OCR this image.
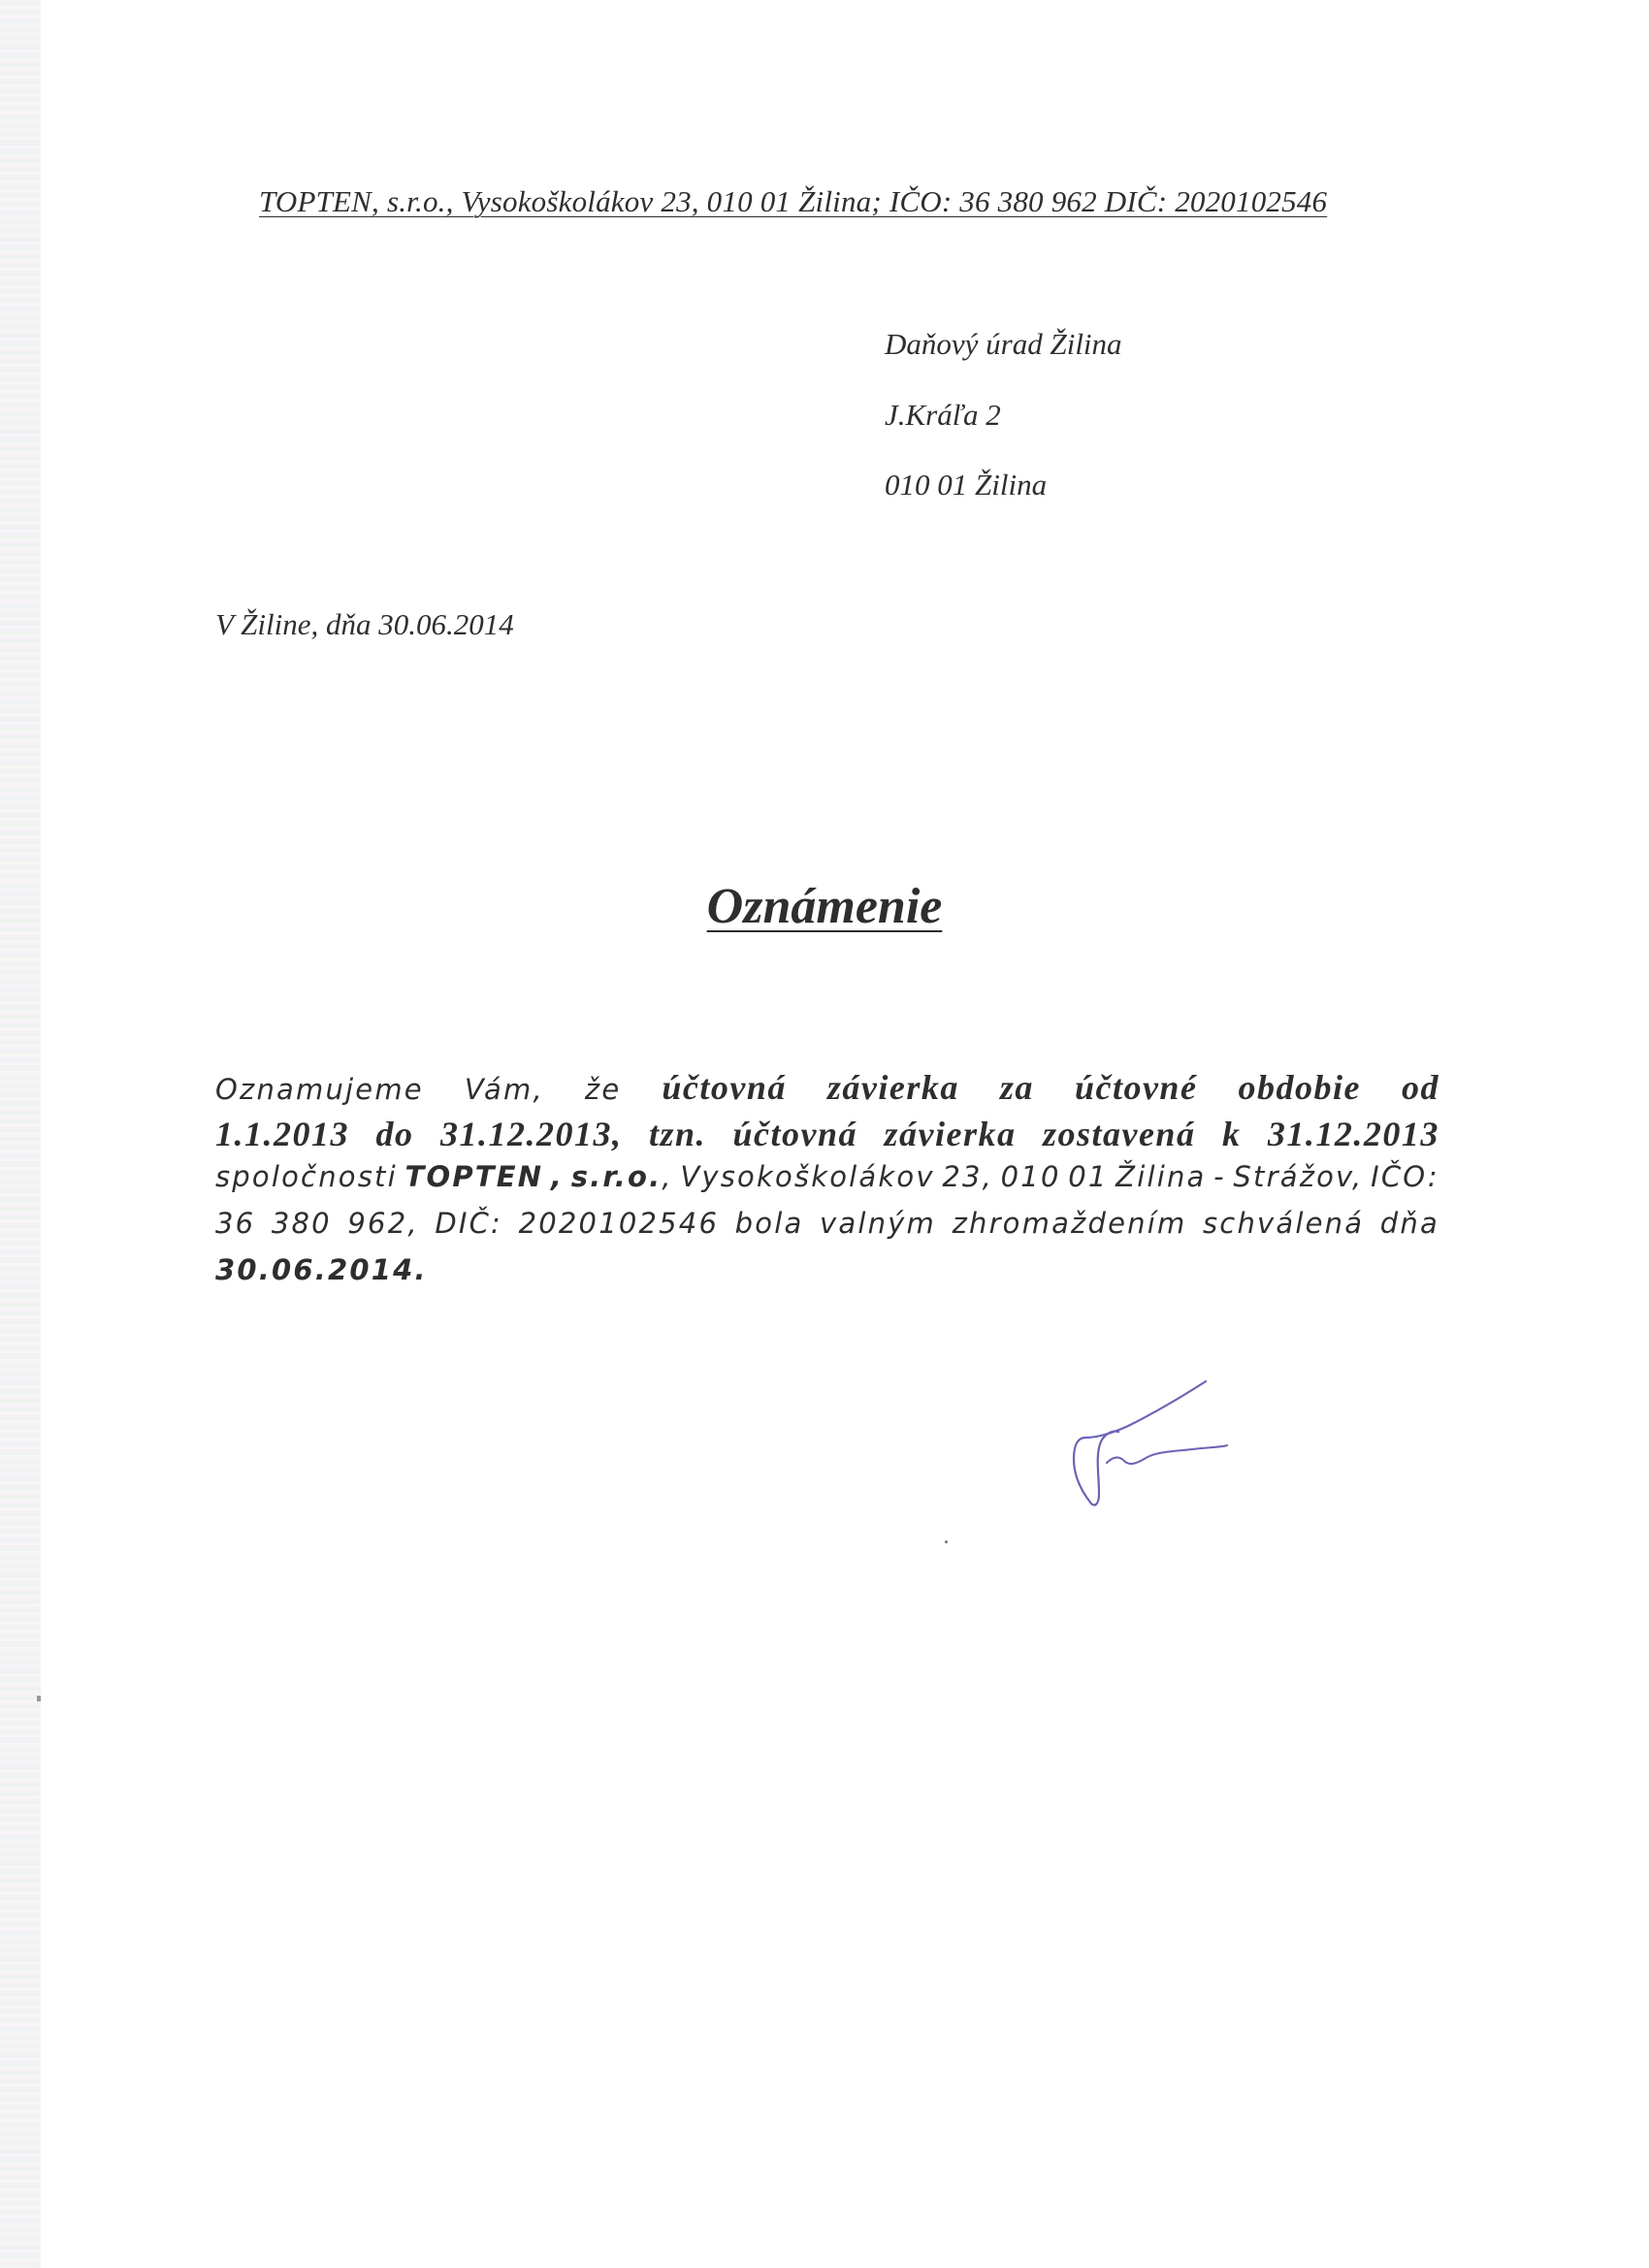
TOPTEN, s.r.o., Vysokoškolákov 23, 010 01 Žilina; IČO: 36 380 962 DIČ: 2020102546
Daňový úrad Žilina
J.Kráľa 2
010 01 Žilina
V Žiline, dňa 30.06.2014
Oznámenie
Oznamujeme Vám, že účtovná závierka za účtovné obdobie od
1.1.2013 do 31.12.2013, tzn. účtovná závierka zostavená k 31.12.2013
spoločnosti TOPTEN , s.r.o., Vysokoškolákov 23, 010 01 Žilina - Strážov, IČO:
36 380 962, DIČ: 2020102546 bola valným zhromaždením schválená dňa
30.06.2014.
